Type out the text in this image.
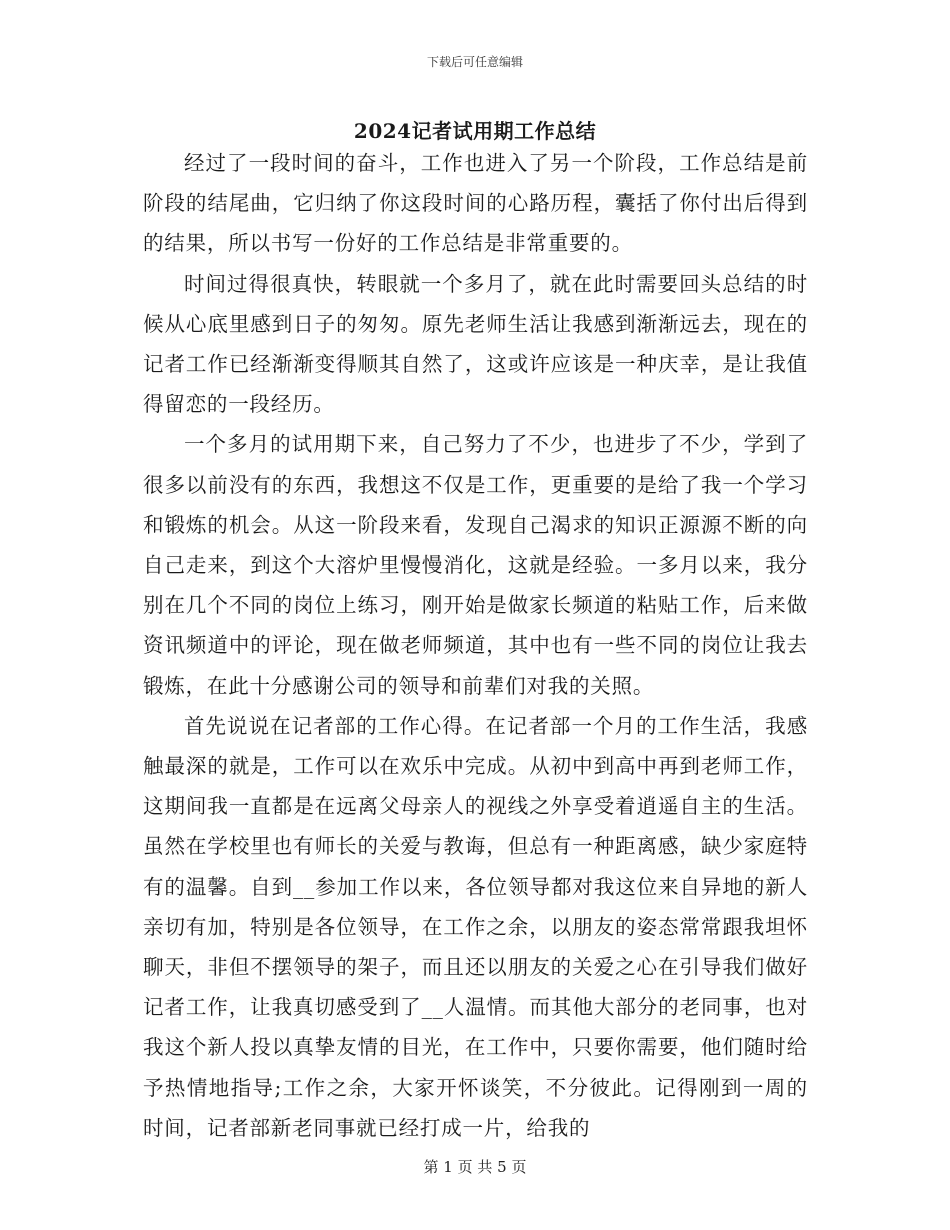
下载后可任意编辑
2024记者试用期工作总结

经过了一段时间的奋斗，工作也进入了另一个阶段，工作总结是前阶段的结尾曲，它归纳了你这段时间的心路历程，囊括了你付出后得到的结果，所以书写一份好的工作总结是非常重要的。

时间过得很真快，转眼就一个多月了，就在此时需要回头总结的时候从心底里感到日子的匆匆。原先老师生活让我感到渐渐远去，现在的记者工作已经渐渐变得顺其自然了，这或许应该是一种庆幸，是让我值得留恋的一段经历。

一个多月的试用期下来，自己努力了不少，也进步了不少，学到了很多以前没有的东西，我想这不仅是工作，更重要的是给了我一个学习和锻炼的机会。从这一阶段来看，发现自己渴求的知识正源源不断的向自己走来，到这个大溶炉里慢慢消化，这就是经验。一多月以来，我分别在几个不同的岗位上练习，刚开始是做家长频道的粘贴工作，后来做资讯频道中的评论，现在做老师频道，其中也有一些不同的岗位让我去锻炼，在此十分感谢公司的领导和前辈们对我的关照。

首先说说在记者部的工作心得。在记者部一个月的工作生活，我感触最深的就是，工作可以在欢乐中完成。从初中到高中再到老师工作，这期间我一直都是在远离父母亲人的视线之外享受着逍遥自主的生活。虽然在学校里也有师长的关爱与教诲，但总有一种距离感，缺少家庭特有的温馨。自到__参加工作以来，各位领导都对我这位来自异地的新人亲切有加，特别是各位领导，在工作之余，以朋友的姿态常常跟我坦怀聊天，非但不摆领导的架子，而且还以朋友的关爱之心在引导我们做好记者工作，让我真切感受到了__人温情。而其他大部分的老同事，也对我这个新人投以真挚友情的目光，在工作中，只要你需要，他们随时给予热情地指导;工作之余，大家开怀谈笑，不分彼此。记得刚到一周的时间，记者部新老同事就已经打成一片，给我的

第 1 页 共 5 页
